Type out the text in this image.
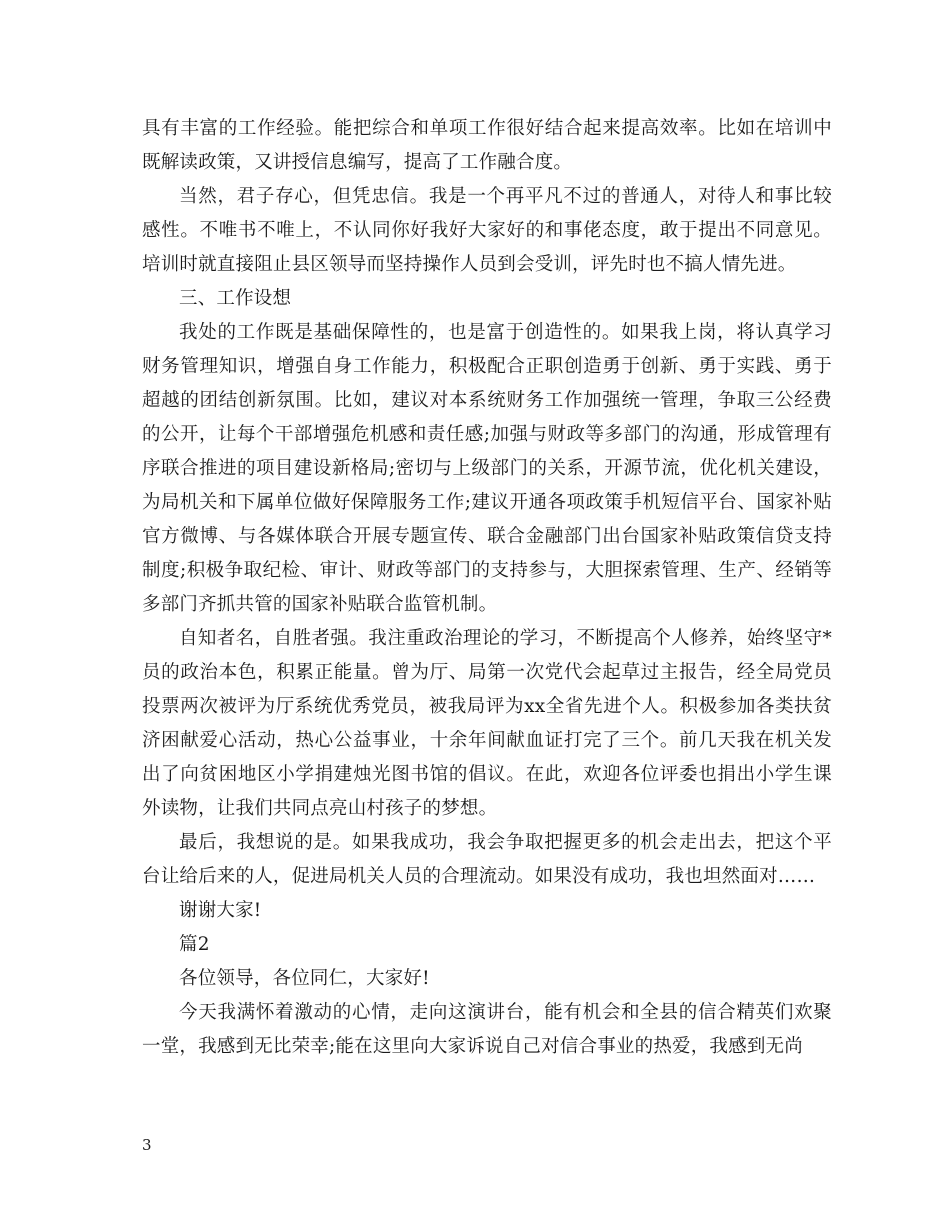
具有丰富的工作经验。能把综合和单项工作很好结合起来提高效率。比如在培训中既解读政策，又讲授信息编写，提高了工作融合度。

当然，君子存心，但凭忠信。我是一个再平凡不过的普通人，对待人和事比较感性。不唯书不唯上，不认同你好我好大家好的和事佬态度，敢于提出不同意见。培训时就直接阻止县区领导而坚持操作人员到会受训，评先时也不搞人情先进。

三、工作设想

我处的工作既是基础保障性的，也是富于创造性的。如果我上岗，将认真学习财务管理知识，增强自身工作能力，积极配合正职创造勇于创新、勇于实践、勇于超越的团结创新氛围。比如，建议对本系统财务工作加强统一管理，争取三公经费的公开，让每个干部增强危机感和责任感;加强与财政等多部门的沟通，形成管理有序联合推进的项目建设新格局;密切与上级部门的关系，开源节流，优化机关建设，为局机关和下属单位做好保障服务工作;建议开通各项政策手机短信平台、国家补贴官方微博、与各媒体联合开展专题宣传、联合金融部门出台国家补贴政策信贷支持制度;积极争取纪检、审计、财政等部门的支持参与，大胆探索管理、生产、经销等多部门齐抓共管的国家补贴联合监管机制。

自知者名，自胜者强。我注重政治理论的学习，不断提高个人修养，始终坚守*员的政治本色，积累正能量。曾为厅、局第一次党代会起草过主报告，经全局党员投票两次被评为厅系统优秀党员，被我局评为xx全省先进个人。积极参加各类扶贫济困献爱心活动，热心公益事业，十余年间献血证打完了三个。前几天我在机关发出了向贫困地区小学捐建烛光图书馆的倡议。在此，欢迎各位评委也捐出小学生课外读物，让我们共同点亮山村孩子的梦想。

最后，我想说的是。如果我成功，我会争取把握更多的机会走出去，把这个平台让给后来的人，促进局机关人员的合理流动。如果没有成功，我也坦然面对……

谢谢大家!

篇2

各位领导，各位同仁，大家好!

今天我满怀着激动的心情，走向这演讲台，能有机会和全县的信合精英们欢聚一堂，我感到无比荣幸;能在这里向大家诉说自己对信合事业的热爱，我感到无尚

3
